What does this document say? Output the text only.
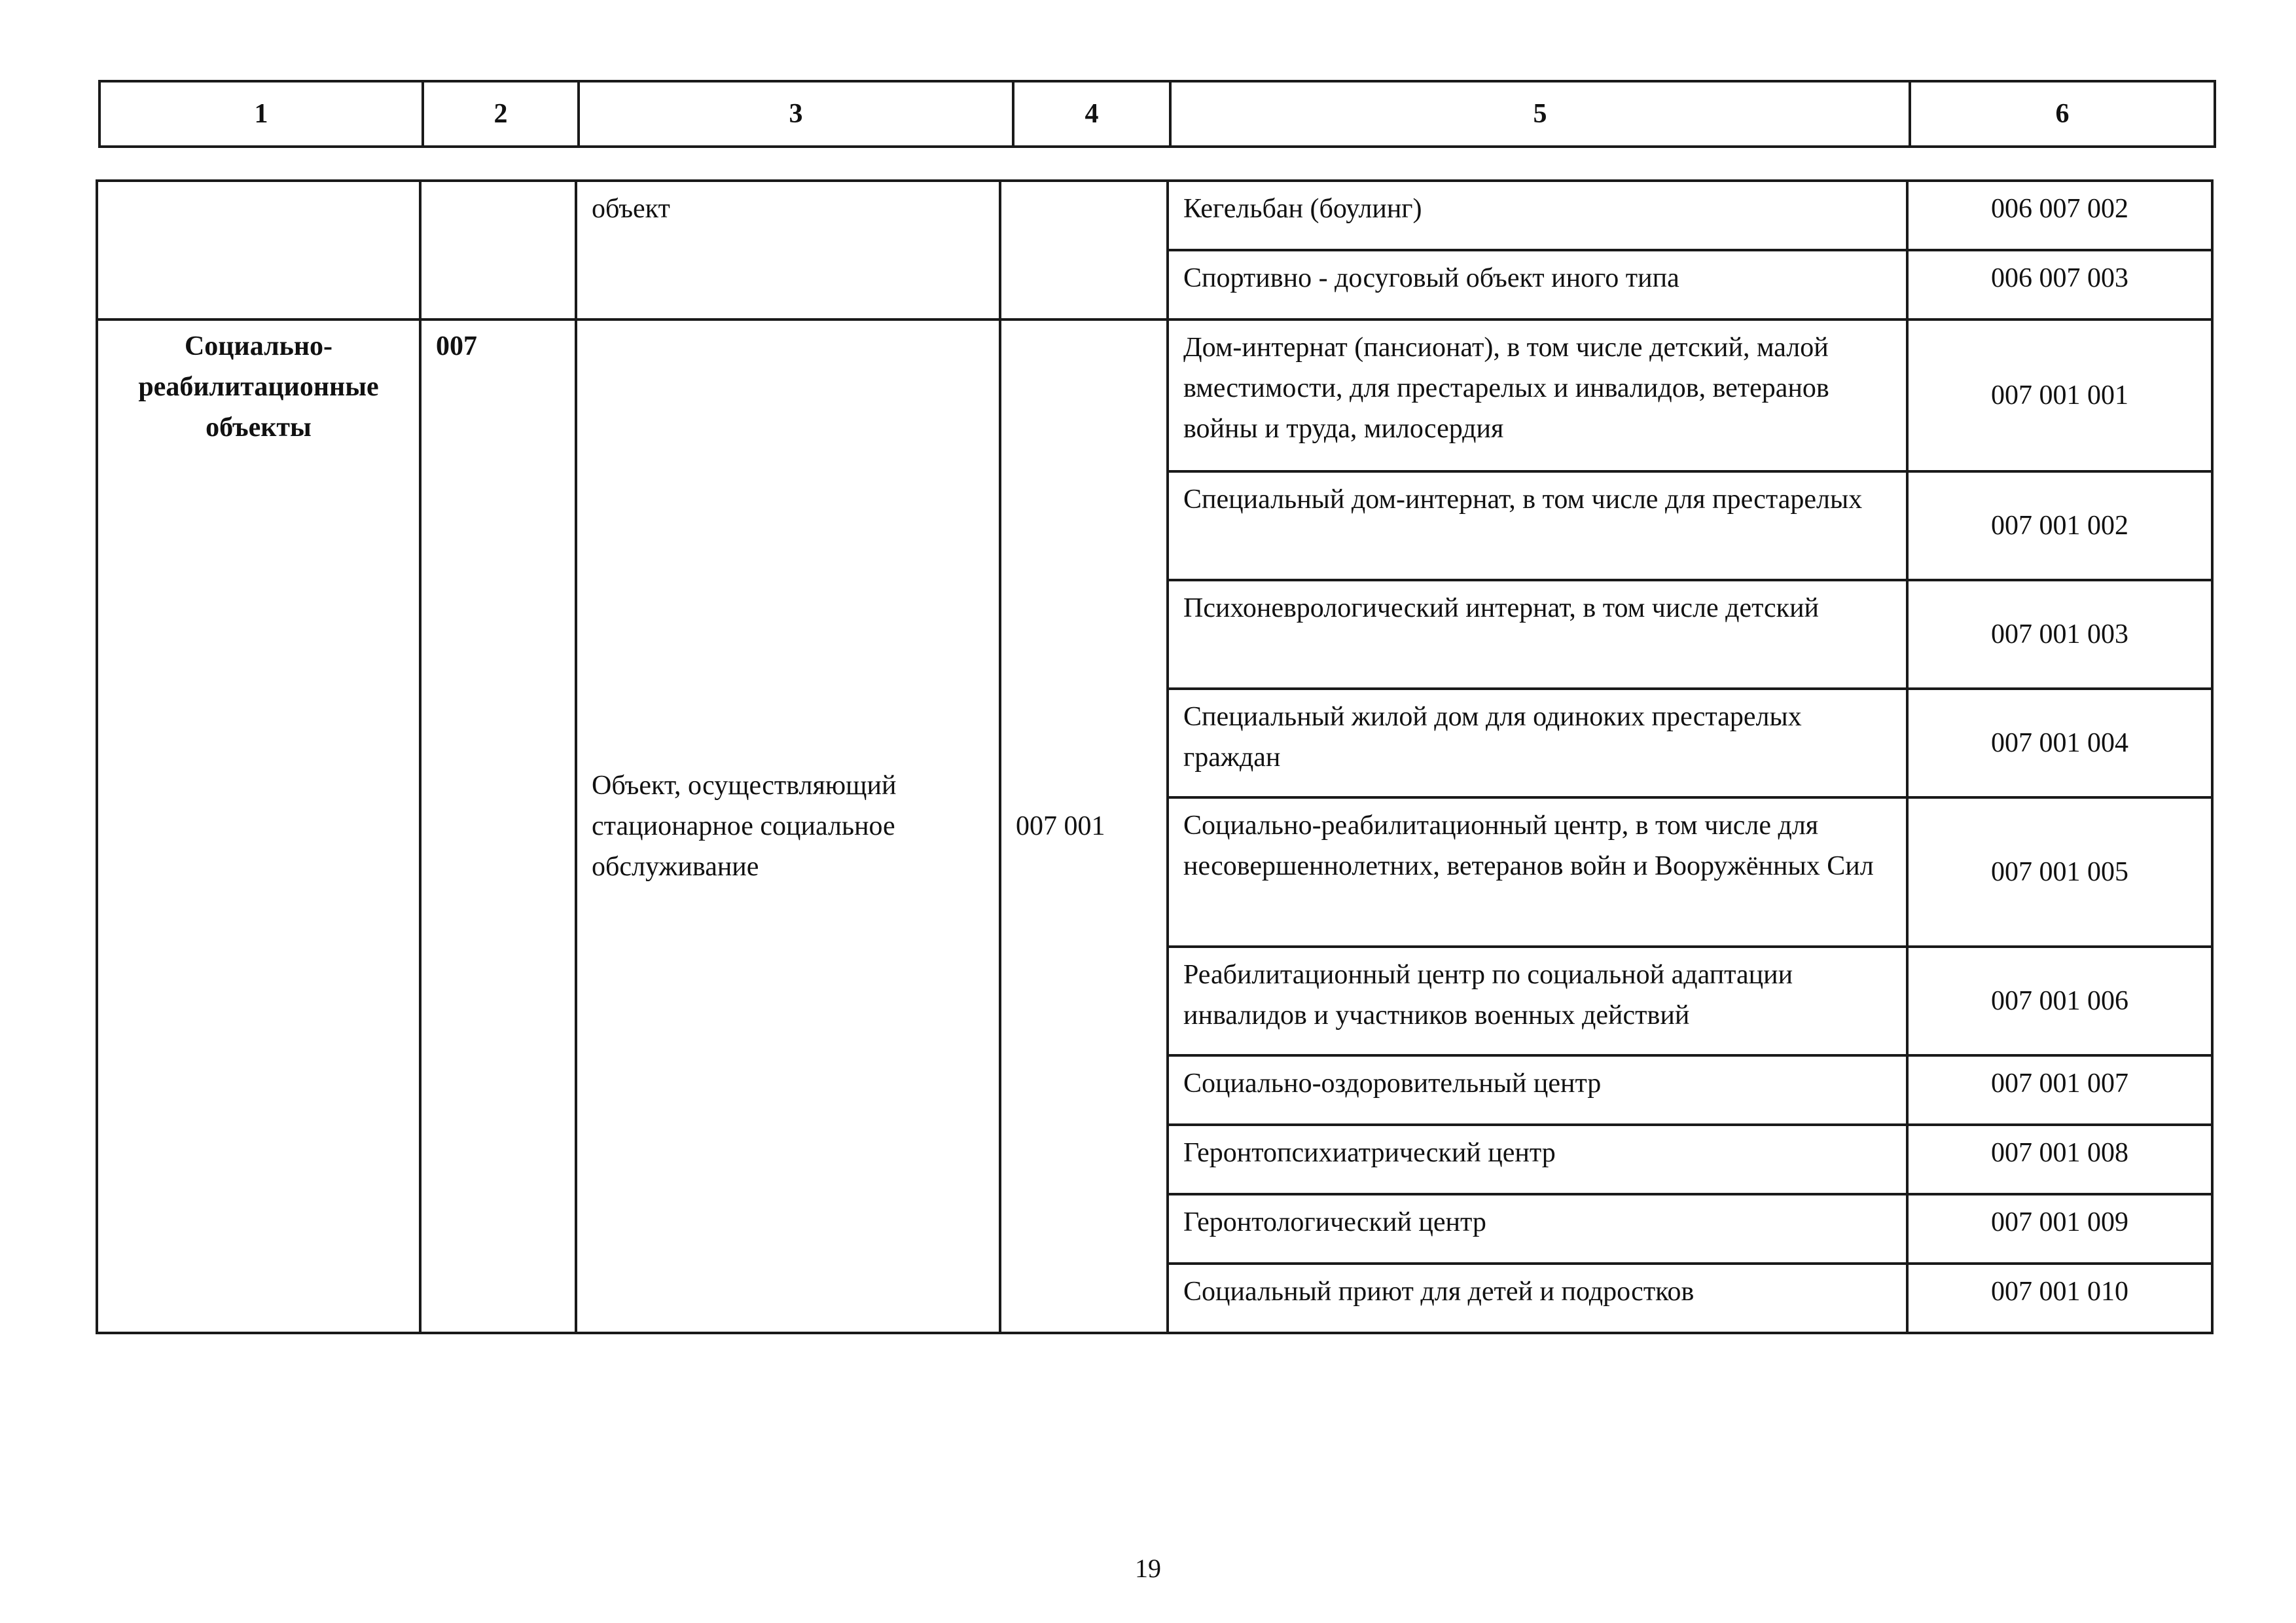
1	2	3	4	5	6
		объект		Кегельбан (боулинг)	006 007 002
				Спортивно - досуговый объект иного типа	006 007 003
Социально-реабилитационные объекты	007	Объект, осуществляющий стационарное социальное обслуживание	007 001	Дом-интернат (пансионат), в том числе детский, малой вместимости, для престарелых и инвалидов, ветеранов войны и труда, милосердия	007 001 001
				Специальный дом-интернат, в том числе для престарелых	007 001 002
				Психоневрологический интернат, в том числе детский	007 001 003
				Специальный жилой дом для одиноких престарелых граждан	007 001 004
				Социально-реабилитационный центр, в том числе для несовершеннолетних, ветеранов войн и Вооружённых Сил	007 001 005
				Реабилитационный центр по социальной адаптации инвалидов и участников военных действий	007 001 006
				Социально-оздоровительный центр	007 001 007
				Геронтопсихиатрический центр	007 001 008
				Геронтологический центр	007 001 009
				Социальный приют для детей и подростков	007 001 010
19
